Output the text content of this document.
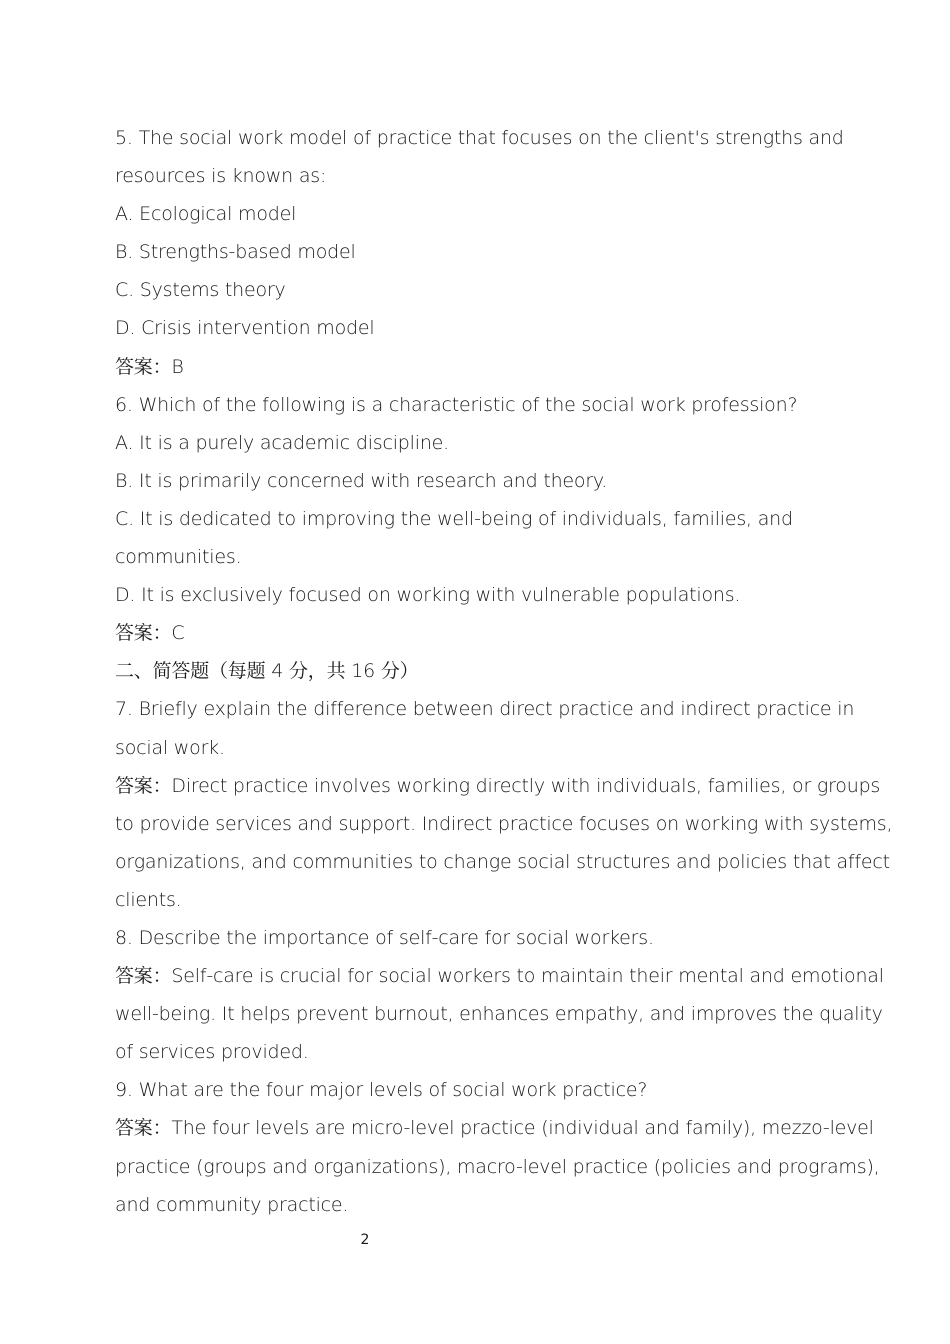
5. The social work model of practice that focuses on the client's strengths and
resources is known as:
A. Ecological model
B. Strengths-based model
C. Systems theory
D. Crisis intervention model
答案：B
6. Which of the following is a characteristic of the social work profession?
A. It is a purely academic discipline.
B. It is primarily concerned with research and theory.
C. It is dedicated to improving the well-being of individuals, families, and
communities.
D. It is exclusively focused on working with vulnerable populations.
答案：C
二、简答题（每题 4 分，共 16 分）
7. Briefly explain the difference between direct practice and indirect practice in
social work.
答案：Direct practice involves working directly with individuals, families, or groups
to provide services and support. Indirect practice focuses on working with systems,
organizations, and communities to change social structures and policies that affect
clients.
8. Describe the importance of self-care for social workers.
答案：Self-care is crucial for social workers to maintain their mental and emotional
well-being. It helps prevent burnout, enhances empathy, and improves the quality
of services provided.
9. What are the four major levels of social work practice?
答案：The four levels are micro-level practice (individual and family), mezzo-level
practice (groups and organizations), macro-level practice (policies and programs),
and community practice.
2
